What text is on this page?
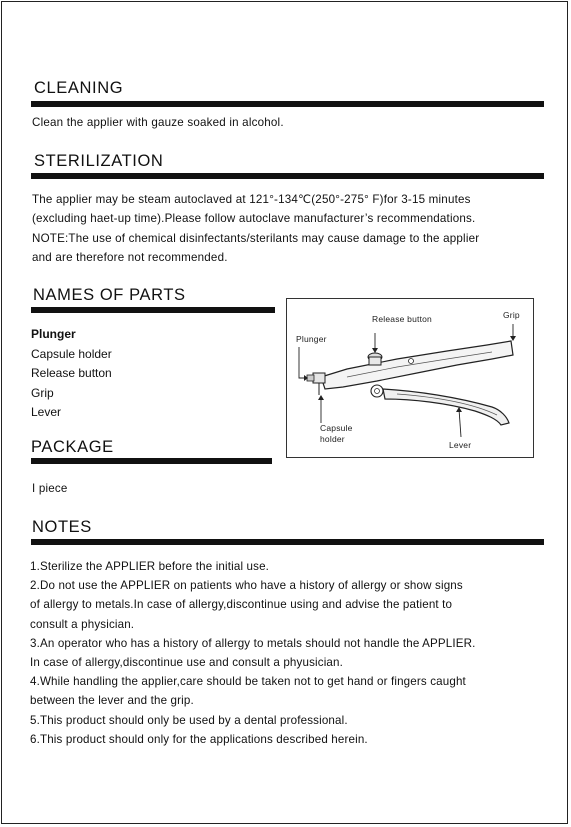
CLEANING
Clean the applier with gauze soaked in alcohol.
STERILIZATION
The applier may be steam autoclaved at 121°-134℃(250°-275° F)for 3-15 minutes
(excluding haet-up time).Please follow autoclave manufacturer’s recommendations.
NOTE:The use of chemical disinfectants/sterilants may cause damage to the applier
and are therefore not recommended.
NAMES OF PARTS
Plunger
Capsule holder
Release button
Grip
Lever
Release button	Grip
Plunger
Capsule
holder
Lever
PACKAGE
I piece
NOTES
1.Sterilize the APPLIER before the initial use.
2.Do not use the APPLIER on patients who have a history of allergy or show signs
of allergy to metals.In case of allergy,discontinue using and advise the patient to
consult a physician.
3.An operator who has a history of allergy to metals should not handle the APPLIER.
In case of allergy,discontinue use and consult a phyusician.
4.While handling the applier,care should be taken not to get hand or fingers caught
between the lever and the grip.
5.This product should only be used by a dental professional.
6.This product should only for the applications described herein.
